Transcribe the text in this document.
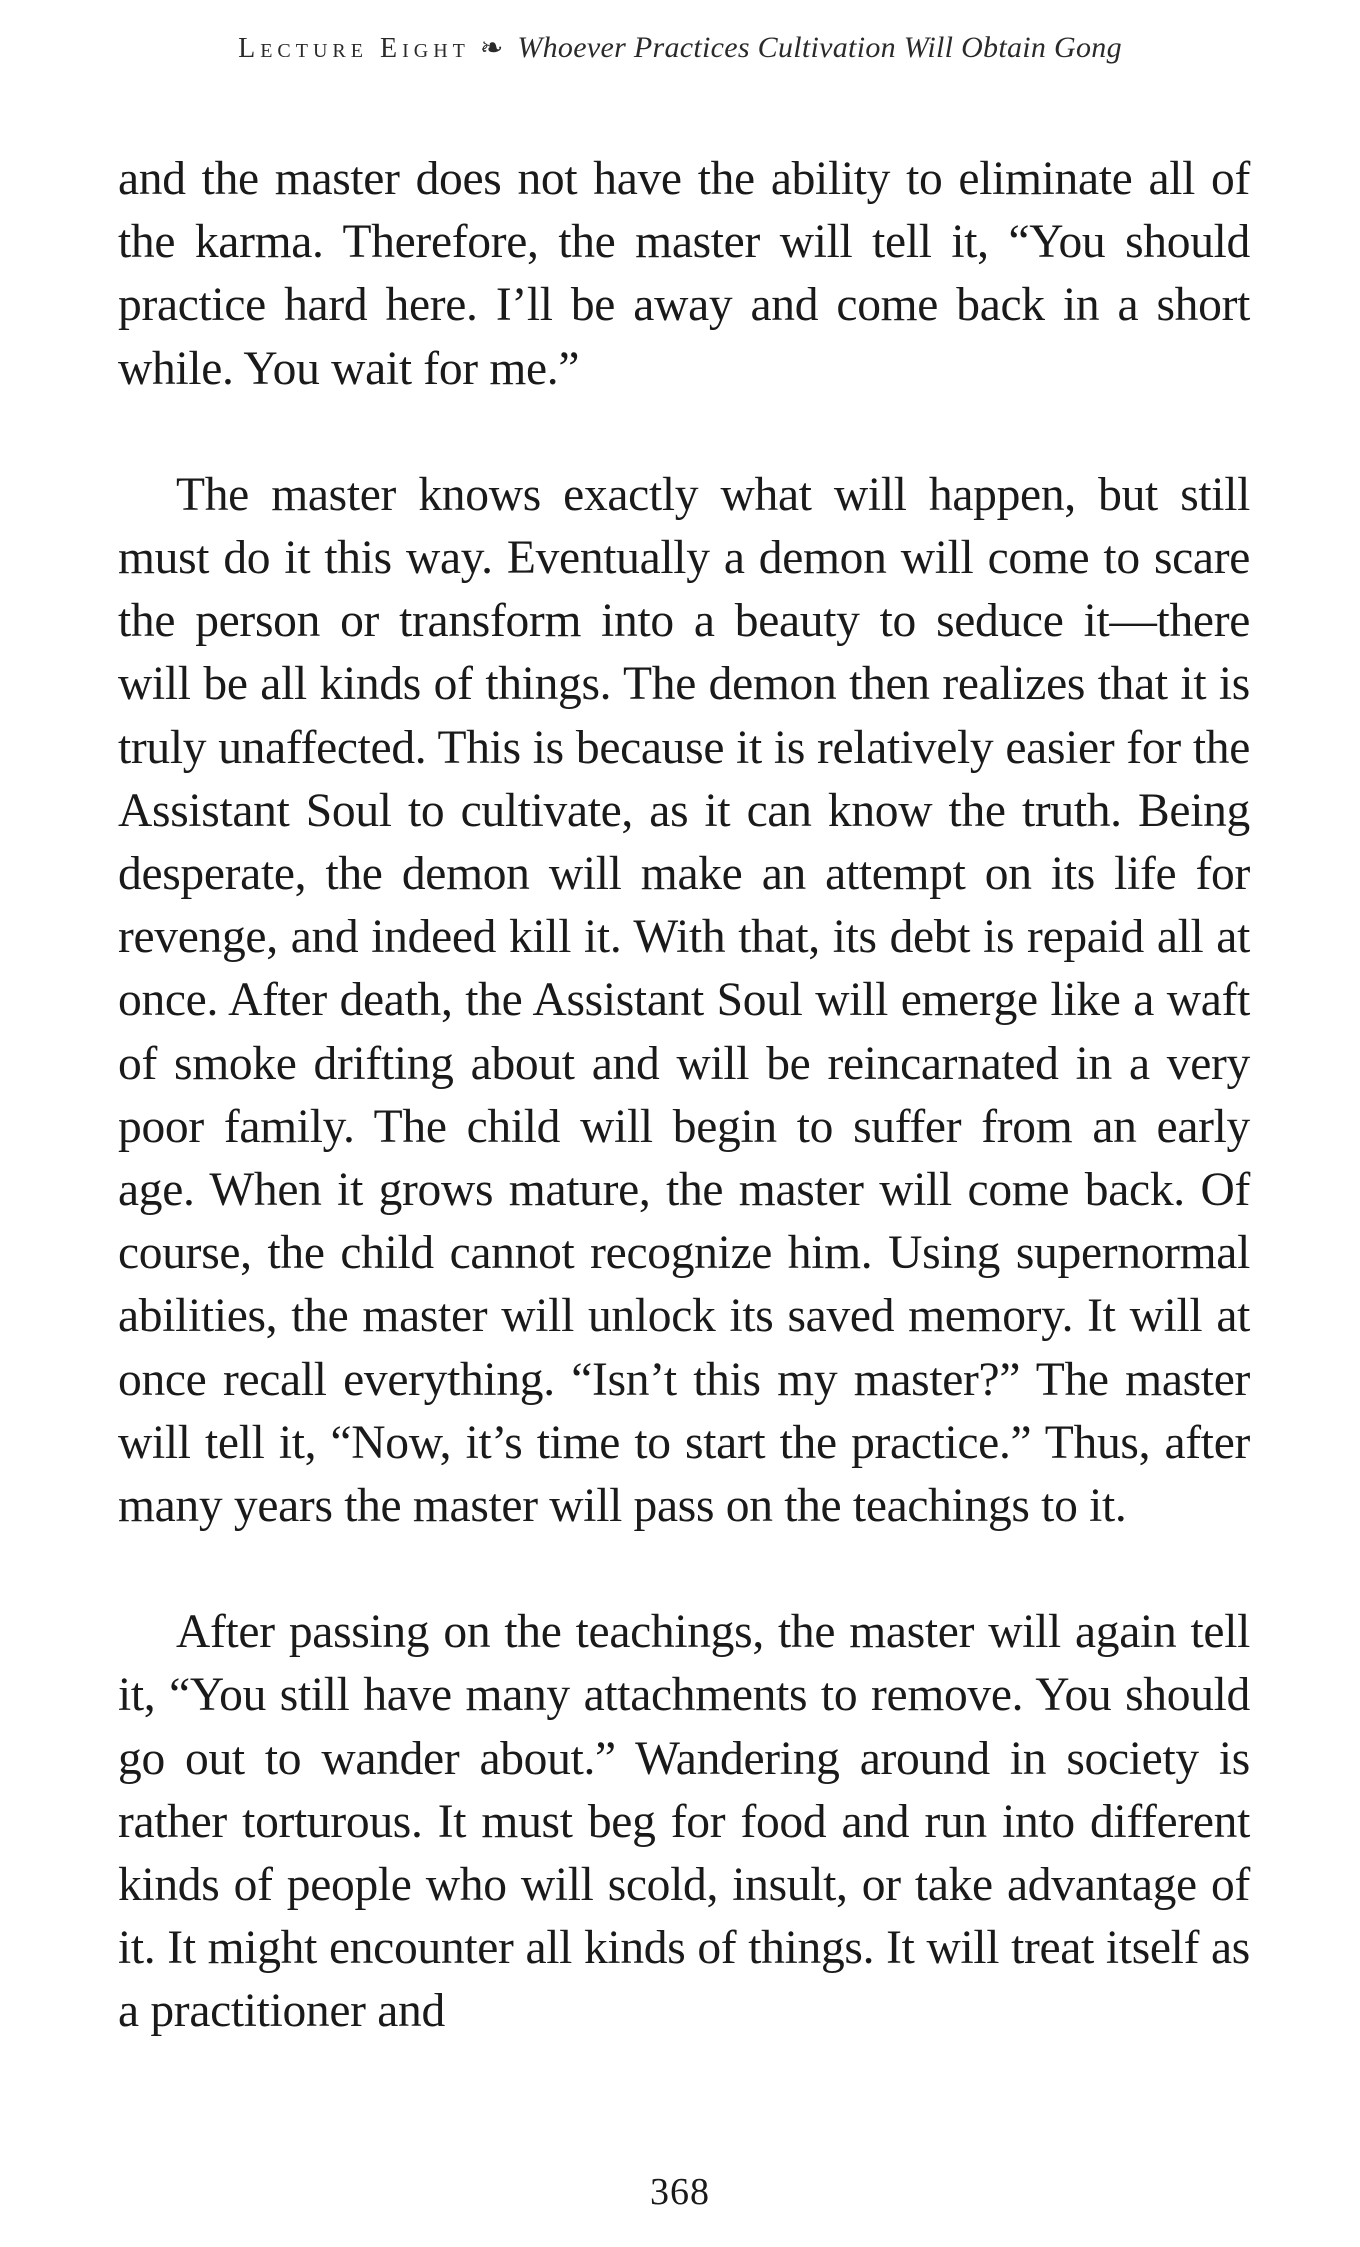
Lecture Eight ❧ Whoever Practices Cultivation Will Obtain Gong

and the master does not have the ability to eliminate all of the karma. Therefore, the master will tell it, “You should practice hard here. I’ll be away and come back in a short while. You wait for me.”

The master knows exactly what will happen, but still must do it this way. Eventually a demon will come to scare the person or transform into a beauty to seduce it—there will be all kinds of things. The demon then realizes that it is truly unaffected. This is because it is relatively easier for the Assistant Soul to cultivate, as it can know the truth. Being desperate, the demon will make an attempt on its life for revenge, and indeed kill it. With that, its debt is repaid all at once. After death, the Assistant Soul will emerge like a waft of smoke drifting about and will be reincarnated in a very poor family. The child will begin to suffer from an early age. When it grows mature, the master will come back. Of course, the child cannot recognize him. Using supernormal abilities, the master will unlock its saved memory. It will at once recall everything. “Isn’t this my master?” The master will tell it, “Now, it’s time to start the practice.” Thus, after many years the master will pass on the teachings to it.

After passing on the teachings, the master will again tell it, “You still have many attachments to remove. You should go out to wander about.” Wandering around in society is rather torturous. It must beg for food and run into different kinds of people who will scold, insult, or take advantage of it. It might encounter all kinds of things. It will treat itself as a practitioner and

368
